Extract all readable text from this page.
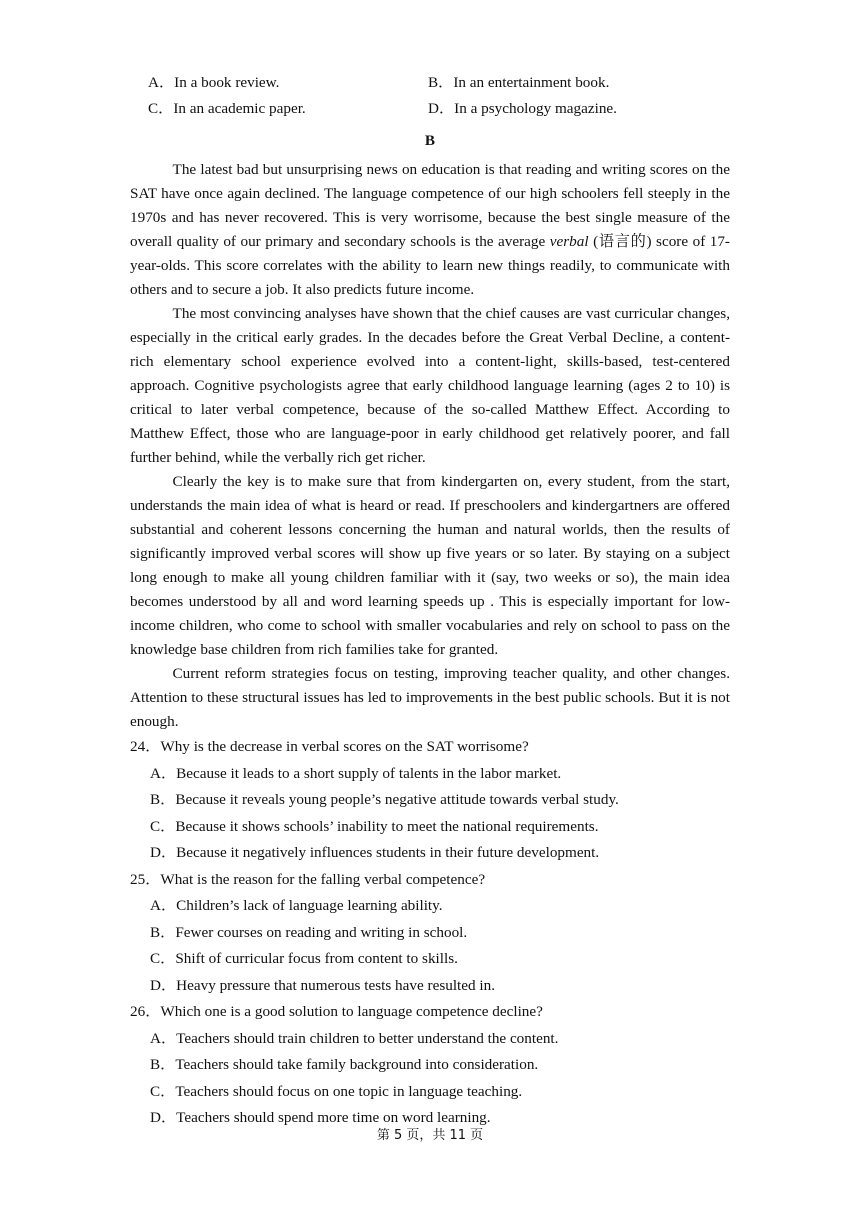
A．In a book review.	B．In an entertainment book.
C．In an academic paper.	D．In a psychology magazine.
B

The latest bad but unsurprising news on education is that reading and writing scores on the SAT have once again declined. The language competence of our high schoolers fell steeply in the 1970s and has never recovered. This is very worrisome, because the best single measure of the overall quality of our primary and secondary schools is the average verbal (语言的) score of 17-year-olds. This score correlates with the ability to learn new things readily, to communicate with others and to secure a job. It also predicts future income.

The most convincing analyses have shown that the chief causes are vast curricular changes, especially in the critical early grades. In the decades before the Great Verbal Decline, a content-rich elementary school experience evolved into a content-light, skills-based, test-centered approach. Cognitive psychologists agree that early childhood language learning (ages 2 to 10) is critical to later verbal competence, because of the so-called Matthew Effect. According to Matthew Effect, those who are language-poor in early childhood get relatively poorer, and fall further behind, while the verbally rich get richer.

Clearly the key is to make sure that from kindergarten on, every student, from the start, understands the main idea of what is heard or read. If preschoolers and kindergartners are offered substantial and coherent lessons concerning the human and natural worlds, then the results of significantly improved verbal scores will show up five years or so later. By staying on a subject long enough to make all young children familiar with it (say, two weeks or so), the main idea becomes understood by all and word learning speeds up . This is especially important for low-income children, who come to school with smaller vocabularies and rely on school to pass on the knowledge base children from rich families take for granted.

Current reform strategies focus on testing, improving teacher quality, and other changes. Attention to these structural issues has led to improvements in the best public schools. But it is not enough.

24．Why is the decrease in verbal scores on the SAT worrisome?
A．Because it leads to a short supply of talents in the labor market.
B．Because it reveals young people’s negative attitude towards verbal study.
C．Because it shows schools’ inability to meet the national requirements.
D．Because it negatively influences students in their future development.
25．What is the reason for the falling verbal competence?
A．Children’s lack of language learning ability.
B．Fewer courses on reading and writing in school.
C．Shift of curricular focus from content to skills.
D．Heavy pressure that numerous tests have resulted in.
26．Which one is a good solution to language competence decline?
A．Teachers should train children to better understand the content.
B．Teachers should take family background into consideration.
C．Teachers should focus on one topic in language teaching.
D．Teachers should spend more time on word learning.
第 5 页，共 11 页
